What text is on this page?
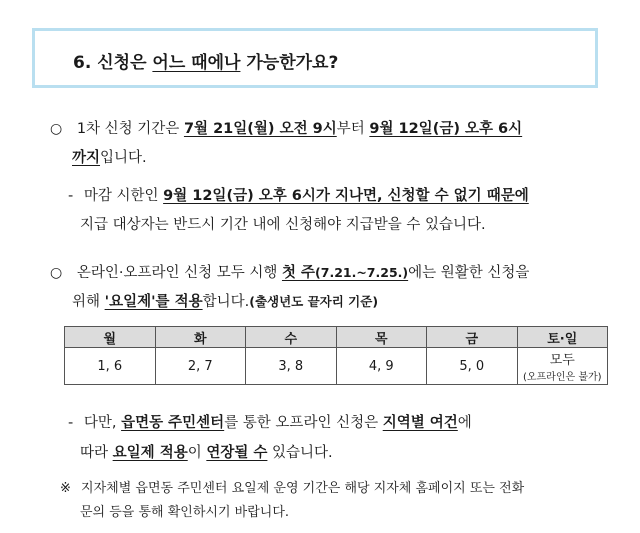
6. 신청은 어느 때에나 가능한가요?
○ 1차 신청 기간은 7월 21일(월) 오전 9시부터 9월 12일(금) 오후 6시
까지입니다.
- 마감 시한인 9월 12일(금) 오후 6시가 지나면, 신청할 수 없기 때문에
지급 대상자는 반드시 기간 내에 신청해야 지급받을 수 있습니다.
○ 온라인·오프라인 신청 모두 시행 첫 주(7.21.~7.25.)에는 원활한 신청을
위해 '요일제'를 적용합니다.(출생년도 끝자리 기준)
월	화	수	목	금	토·일
1, 6	2, 7	3, 8	4, 9	5, 0	모두
(오프라인은 불가)
- 다만, 읍면동 주민센터를 통한 오프라인 신청은 지역별 여건에
따라 요일제 적용이 연장될 수 있습니다.
※ 지자체별 읍면동 주민센터 요일제 운영 기간은 해당 지자체 홈페이지 또는 전화
문의 등을 통해 확인하시기 바랍니다.
